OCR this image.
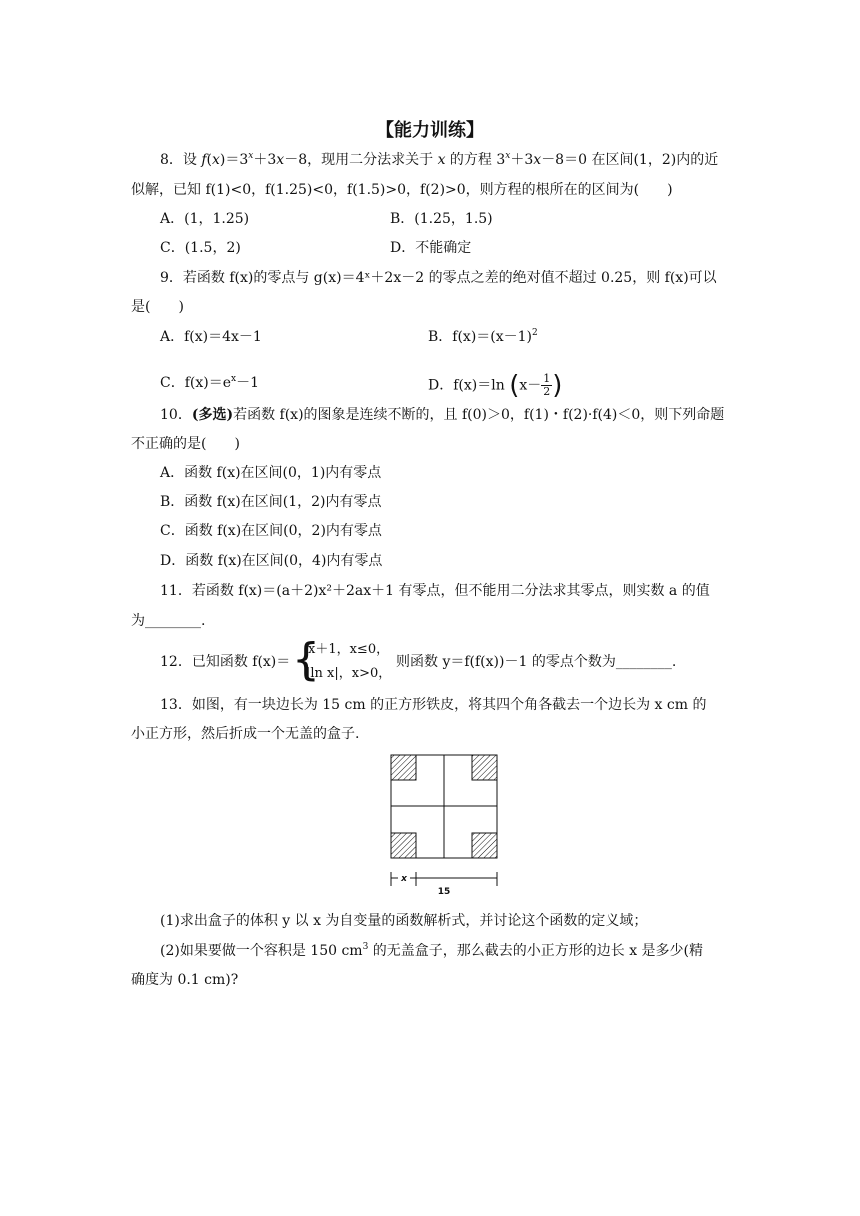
【能力训练】
8．设 $f(x)=3^x+3x-8$，现用二分法求关于 x 的方程 $3^x+3x-8=0$ 在区间(1，2)内的近
似解，已知 f(1)<0，f(1.25)<0，f(1.5)>0，f(2)>0，则方程的根所在的区间为(　　)
A．(1，1.25)	B．(1.25，1.5)
C．(1.5，2)	D．不能确定
9．若函数 f(x)的零点与 g(x)＝4ˣ＋2x－2 的零点之差的绝对值不超过 0.25，则 f(x)可以
是(　　)
A．f(x)＝4x－1	B．$f(x)=(x-1)^2$
C．$f(x)=e^x-1$	D．f(x)＝ln ($x- \frac{1}{2}$ )
10．(多选)若函数 f(x)的图象是连续不断的，且 f(0)＞0，f(1)・f(2)·f(4)＜0，则下列命题
不正确的是(　　)
A．函数 f(x)在区间(0，1)内有零点
B．函数 f(x)在区间(1，2)内有零点
C．函数 f(x)在区间(0，2)内有零点
D．函数 f(x)在区间(0，4)内有零点
11．若函数 f(x)＝(a＋2)x²＋2ax＋1 有零点，但不能用二分法求其零点，则实数 a 的值
为________.
12．已知函数 f(x)＝ {
x＋1，x≤0，
|ln x|，x>0，
则函数 y＝f(f(x))－1 的零点个数为________.
13．如图，有一块边长为 15 cm 的正方形铁皮，将其四个角各截去一个边长为 x cm 的
小正方形，然后折成一个无盖的盒子.
x
15
(1)求出盒子的体积 y 以 x 为自变量的函数解析式，并讨论这个函数的定义域；
(2)如果要做一个容积是 150 $cm^3$ 的无盖盒子，那么截去的小正方形的边长 x 是多少(精
确度为 0.1 cm)?
